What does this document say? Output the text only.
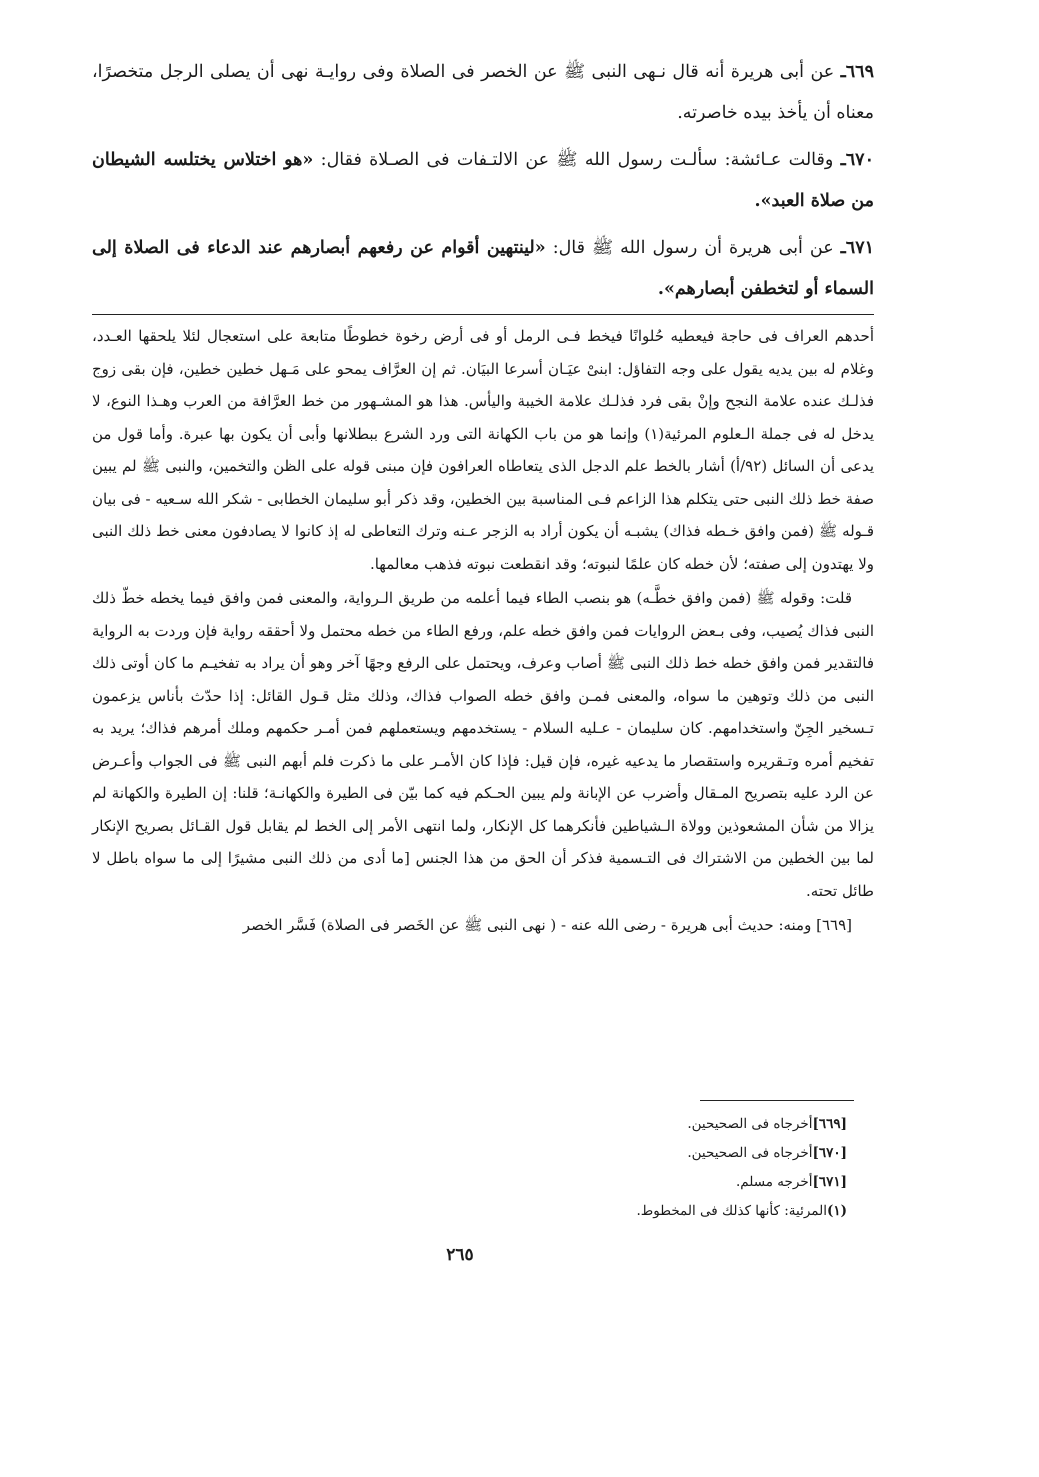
٦٦٩ـ عن أبى هريرة أنه قال نـهى النبى ﷺ عن الخصر فى الصلاة وفى روايـة نهى أن يصلى الرجل متخصرًا، معناه أن يأخذ بيده خاصرته.

٦٧٠ـ وقالت عـائشة: سألـت رسول الله ﷺ عن الالتـفات فى الصـلاة فقال: «هو اختلاس يختلسه الشيطان من صلاة العبد».

٦٧١ـ عن أبى هريرة أن رسول الله ﷺ قال: «لينتهين أقوام عن رفعهم أبصارهم عند الدعاء فى الصلاة إلى السماء أو لتخطفن أبصارهم».

أحدهم العراف فى حاجة فيعطيه حُلوانًا فيخط فـى الرمل أو فى أرض رخوة خطوطًا متابعة على استعجال لئلا يلحقها العـدد، وغلام له بين يديه يقول على وجه التفاؤل: ابنىْ عيَـان أسرعا البيَان. ثم إن العرَّاف يمحو على مَـهل خطين خطين، فإن بقى زوج فذلـك عنده علامة النجح وإنْ بقى فرد فذلـك علامة الخيبة واليأس. هذا هو المشـهور من خط العرَّافة من العرب وهـذا النوع، لا يدخل له فى جملة الـعلوم المرئية(١) وإنما هو من باب الكهانة التى ورد الشرع ببطلانها وأبى أن يكون بها عبرة. وأما قول من يدعى أن السائل (٩٢/أ) أشار بالخط علم الدجل الذى يتعاطاه العرافون فإن مبنى قوله على الظن والتخمين، والنبى ﷺ لم يبين صفة خط ذلك النبى حتى يتكلم هذا الزاعم فـى المناسبة بين الخطين، وقد ذكر أبو سليمان الخطابى - شكر الله سـعيه - فى بيان قـوله ﷺ (فمن وافق خـطه فذاك) يشبـه أن يكون أراد به الزجر عـنه وترك التعاطى له إذ كانوا لا يصادفون معنى خط ذلك النبى ولا يهتدون إلى صفته؛ لأن خطه كان علمًا لنبوته؛ وقد انقطعت نبوته فذهب معالمها.

قلت: وقوله ﷺ (فمن وافق خطَّـه) هو بنصب الطاء فيما أعلمه من طريق الـرواية، والمعنى فمن وافق فيما يخطه خطّ ذلك النبى فذاك يُصيب، وفى بـعض الروايات فمن وافق خطه علم، ورفع الطاء من خطه محتمل ولا أحققه رواية فإن وردت به الرواية فالتقدير فمن وافق خطه خط ذلك النبى ﷺ أصاب وعرف، ويحتمل على الرفع وجهًا آخر وهو أن يراد به تفخيـم ما كان أوتى ذلك النبى من ذلك وتوهين ما سواه، والمعنى فمـن وافق خطه الصواب فذاك، وذلك مثل قـول القائل: إذا حدّث بأناس يزعمون تـسخير الجِنّ واستخدامهم. كان سليمان - عـليه السلام - يستخدمهم ويستعملهم فمن أمـر حكمهم وملك أمرهم فذاك؛ يريد به تفخيم أمره وتـقريره واستقصار ما يدعيه غيره، فإن قيل: فإذا كان الأمـر على ما ذكرت فلم أبهم النبى ﷺ فى الجواب وأعـرض عن الرد عليه بتصريح المـقال وأضرب عن الإبانة ولم يبين الحـكم فيه كما بيّن فى الطيرة والكهانـة؛ قلنا: إن الطيرة والكهانة لم يزالا من شأن المشعوذين وولاة الـشياطين فأنكرهما كل الإنكار، ولما انتهى الأمر إلى الخط لم يقابل قول القـائل بصريح الإنكار لما بين الخطين من الاشتراك فى التـسمية فذكر أن الحق من هذا الجنس [ما أدى من ذلك النبى مشيرًا إلى ما سواه باطل لا طائل تحته.

[٦٦٩] ومنه: حديث أبى هريرة - رضى الله عنه - ( نهى النبى ﷺ عن الخَصر فى الصلاة) فَسَّر الخصر

[٦٦٩]أخرجاه فى الصحيحين.
[٦٧٠]أخرجاه فى الصحيحين.
[٦٧١]أخرجه مسلم.
(١)المرئية: كأنها كذلك فى المخطوط.
٢٦٥
